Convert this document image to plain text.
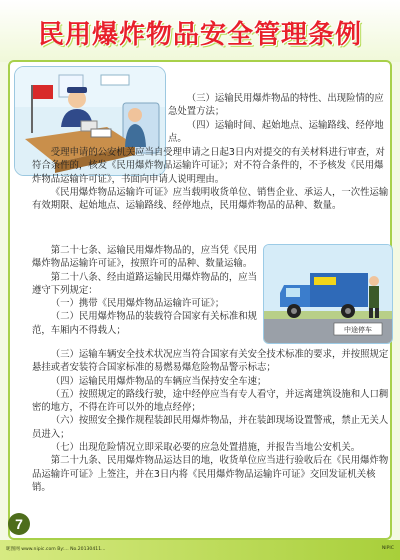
民用爆炸物品安全管理条例
中途停车

（三）运输民用爆炸物品的特性、出现险情的应急处置方法；

（四）运输时间、起始地点、运输路线、经停地点。

受理申请的公安机关应当自受理申请之日起3日内对提交的有关材料进行审查，对符合条件的，核发《民用爆炸物品运输许可证》；对不符合条件的，不予核发《民用爆炸物品运输许可证》，书面向申请人说明理由。

《民用爆炸物品运输许可证》应当载明收货单位、销售企业、承运人，一次性运输有效期限、起始地点、运输路线、经停地点，民用爆炸物品的品种、数量。

第二十七条、运输民用爆炸物品的，应当凭《民用爆炸物品运输许可证》，按照许可的品种、数量运输。

第二十八条、经由道路运输民用爆炸物品的，应当遵守下列规定：

（一）携带《民用爆炸物品运输许可证》；

（二）民用爆炸物品的装载符合国家有关标准和规范，车厢内不得载人；

（三）运输车辆安全技术状况应当符合国家有关安全技术标准的要求，并按照规定悬挂或者安装符合国家标准的易燃易爆危险物品警示标志；

（四）运输民用爆炸物品的车辆应当保持安全车速；

（五）按照规定的路线行驶，途中经停应当有专人看守，并远离建筑设施和人口稠密的地方，不得在许可以外的地点经停；

（六）按照安全操作规程装卸民用爆炸物品，并在装卸现场设置警戒，禁止无关人员进入；

（七）出现危险情况立即采取必要的应急处置措施，并报告当地公安机关。

第二十九条、民用爆炸物品运达目的地，收货单位应当进行验收后在《民用爆炸物品运输许可证》上签注，并在3日内将《民用爆炸物品运输许可证》交回发证机关核销。

7
昵图网 www.nipic.com By:... No.20130411...	NIPIC
